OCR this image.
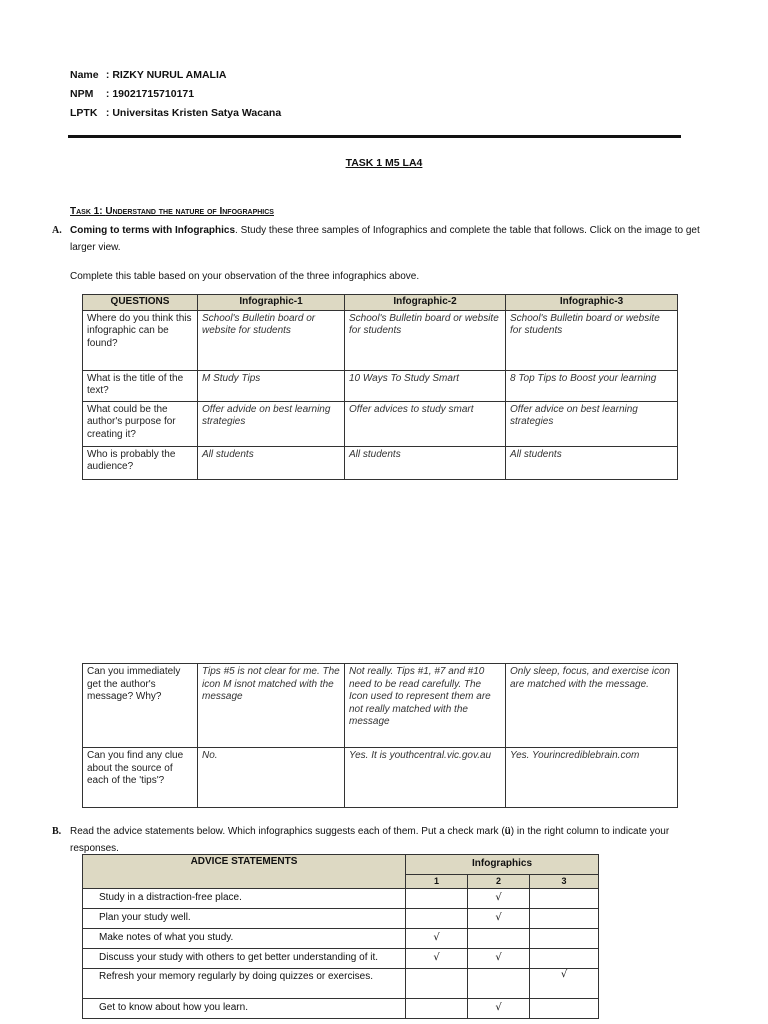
Name : RIZKY NURUL AMALIA
NPM : 19021715710171
LPTK : Universitas Kristen Satya Wacana
TASK 1 M5 LA4
Task 1: Understand the nature of Infographics
A. Coming to terms with Infographics. Study these three samples of Infographics and complete the table that follows. Click on the image to get larger view.
Complete this table based on your observation of the three infographics above.
QUESTIONS	Infographic-1	Infographic-2	Infographic-3
Where do you think this infographic can be found?	School's Bulletin board or website for students	School's Bulletin board or website for students	School's Bulletin board or website for students
What is the title of the text?	M Study Tips	10 Ways To Study Smart	8 Top Tips to Boost your learning
What could be the author's purpose for creating it?	Offer advide on best learning strategies	Offer advices to study smart	Offer advice on best learning strategies
Who is probably the audience?	All students	All students	All students
Can you immediately get the author's message? Why?	Tips #5 is not clear for me. The icon M isnot matched with the message	Not really. Tips #1, #7 and #10 need to be read carefully. The Icon used to represent them are not really matched with the message	Only sleep, focus, and exercise icon are matched with the message.
Can you find any clue about the source of each of the 'tips'?	No.	Yes. It is youthcentral.vic.gov.au	Yes. Yourincrediblebrain.com
B. Read the advice statements below. Which infographics suggests each of them. Put a check mark (ü) in the right column to indicate your responses.
ADVICE STATEMENTS	Infographics		
	1	2	3
Study in a distraction-free place.		√	
Plan your study well.		√	
Make notes of what you study.	√		
Discuss your study with others to get better understanding of it.	√	√	
Refresh your memory regularly by doing quizzes or exercises.			√
Get to know about how you learn.		√	
